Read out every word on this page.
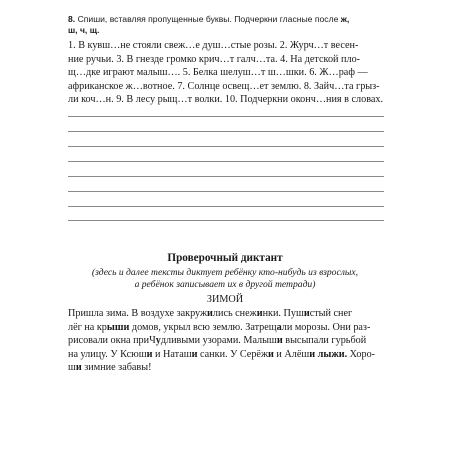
8. Спиши, вставляя пропущенные буквы. Подчеркни гласные после ж,

ш, ч, щ.

1. В кувш…не стояли свеж…е душ…стые розы. 2. Журч…т весен-

ние ручьи. 3. В гнезде громко крич…т галч…та. 4. На детской пло-

щ…дке играют малыш…. 5. Белка шелуш…т ш…шки. 6. Ж…раф —

африканское ж…вотное. 7. Солнце освещ…ет землю. 8. Зайч…та грыз-

ли коч…н. 9. В лесу рыщ…т волки. 10. Подчеркни оконч…ния в словах.

Проверочный диктант

(здесь и далее тексты диктует ребёнку кто-нибудь из взрослых,

а ребёнок записывает их в другой тетради)

ЗИМОЙ

Пришла зима. В воздухе закружились снежинки. Пушистый снег

лёг на крыши домов, укрыл всю землю. Затрещали морозы. Они раз-

рисовали окна приЧудливыми узорами. Малыши высыпали гурьбой

на улицу. У Ксюши и Наташи санки. У Серёжи и Алёши лыжи. Хоро-

ши зимние забавы!
